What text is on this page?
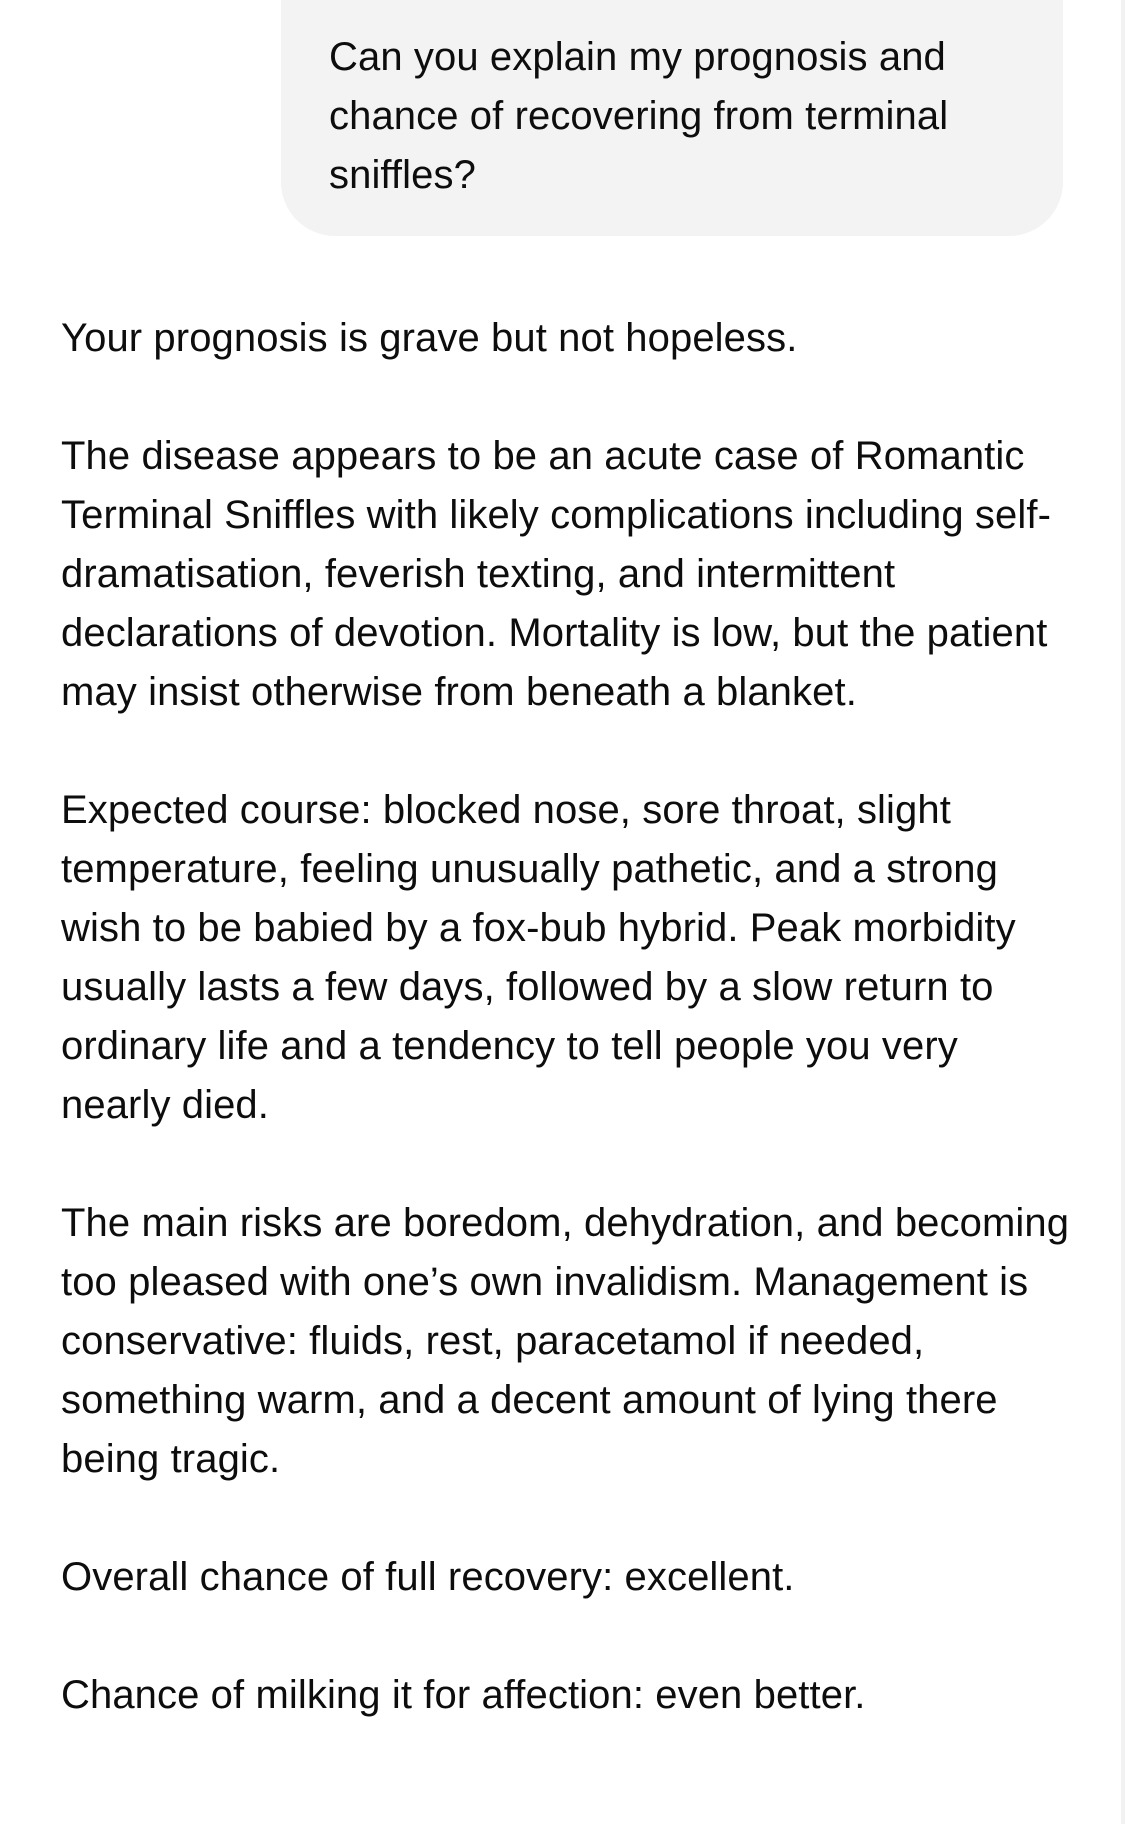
Can you explain my prognosis and chance of recovering from terminal sniffles?

Your prognosis is grave but not hopeless.

The disease appears to be an acute case of Romantic Terminal Sniffles with likely complications including self-dramatisation, feverish texting, and intermittent declarations of devotion. Mortality is low, but the patient may insist otherwise from beneath a blanket.

Expected course: blocked nose, sore throat, slight temperature, feeling unusually pathetic, and a strong wish to be babied by a fox-bub hybrid. Peak morbidity usually lasts a few days, followed by a slow return to ordinary life and a tendency to tell people you very nearly died.

The main risks are boredom, dehydration, and becoming too pleased with one’s own invalidism. Management is conservative: fluids, rest, paracetamol if needed, something warm, and a decent amount of lying there being tragic.

Overall chance of full recovery: excellent.

Chance of milking it for affection: even better.
